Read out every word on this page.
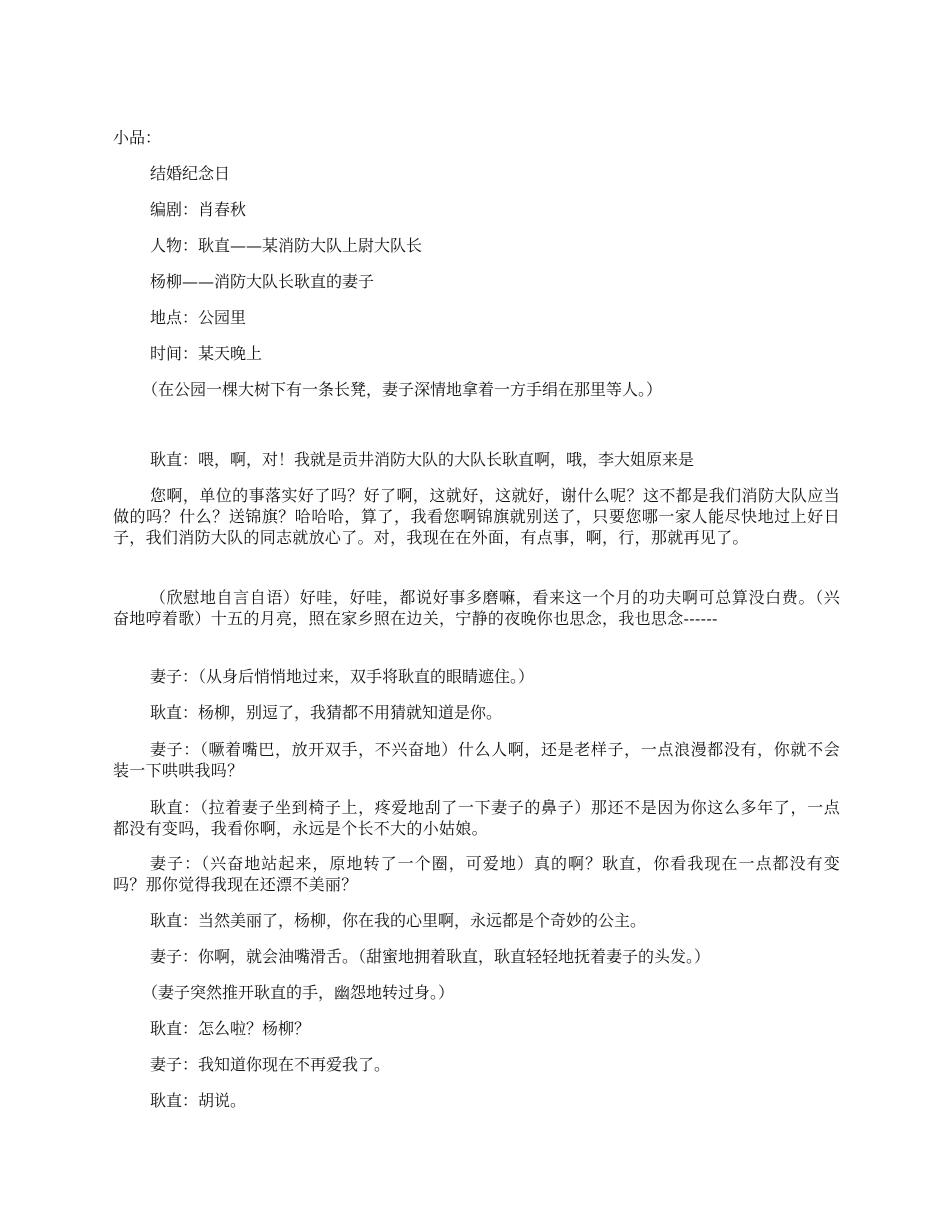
小品：
结婚纪念日
编剧：肖春秋
人物：耿直——某消防大队上尉大队长
杨柳——消防大队长耿直的妻子
地点：公园里
时间：某天晚上
（在公园一棵大树下有一条长凳，妻子深情地拿着一方手绢在那里等人。）
耿直：喂，啊，对！我就是贡井消防大队的大队长耿直啊，哦，李大姐原来是
您啊，单位的事落实好了吗？好了啊，这就好，这就好，谢什么呢？这不都是我们消防大队应当做的吗？什么？送锦旗？哈哈哈，算了，我看您啊锦旗就别送了，只要您哪一家人能尽快地过上好日子，我们消防大队的同志就放心了。对，我现在在外面，有点事，啊，行，那就再见了。
（欣慰地自言自语）好哇，好哇，都说好事多磨嘛，看来这一个月的功夫啊可总算没白费。（兴奋地哼着歌）十五的月亮，照在家乡照在边关，宁静的夜晚你也思念，我也思念------
妻子：（从身后悄悄地过来，双手将耿直的眼睛遮住。）
耿直：杨柳，别逗了，我猜都不用猜就知道是你。
妻子：（噘着嘴巴，放开双手，不兴奋地）什么人啊，还是老样子，一点浪漫都没有，你就不会装一下哄哄我吗？
耿直：（拉着妻子坐到椅子上，疼爱地刮了一下妻子的鼻子）那还不是因为你这么多年了，一点都没有变吗，我看你啊，永远是个长不大的小姑娘。
妻子：（兴奋地站起来，原地转了一个圈，可爱地）真的啊？耿直，你看我现在一点都没有变吗？那你觉得我现在还漂不美丽？
耿直：当然美丽了，杨柳，你在我的心里啊，永远都是个奇妙的公主。
妻子：你啊，就会油嘴滑舌。（甜蜜地拥着耿直，耿直轻轻地抚着妻子的头发。）
（妻子突然推开耿直的手，幽怨地转过身。）
耿直：怎么啦？杨柳？
妻子：我知道你现在不再爱我了。
耿直：胡说。
